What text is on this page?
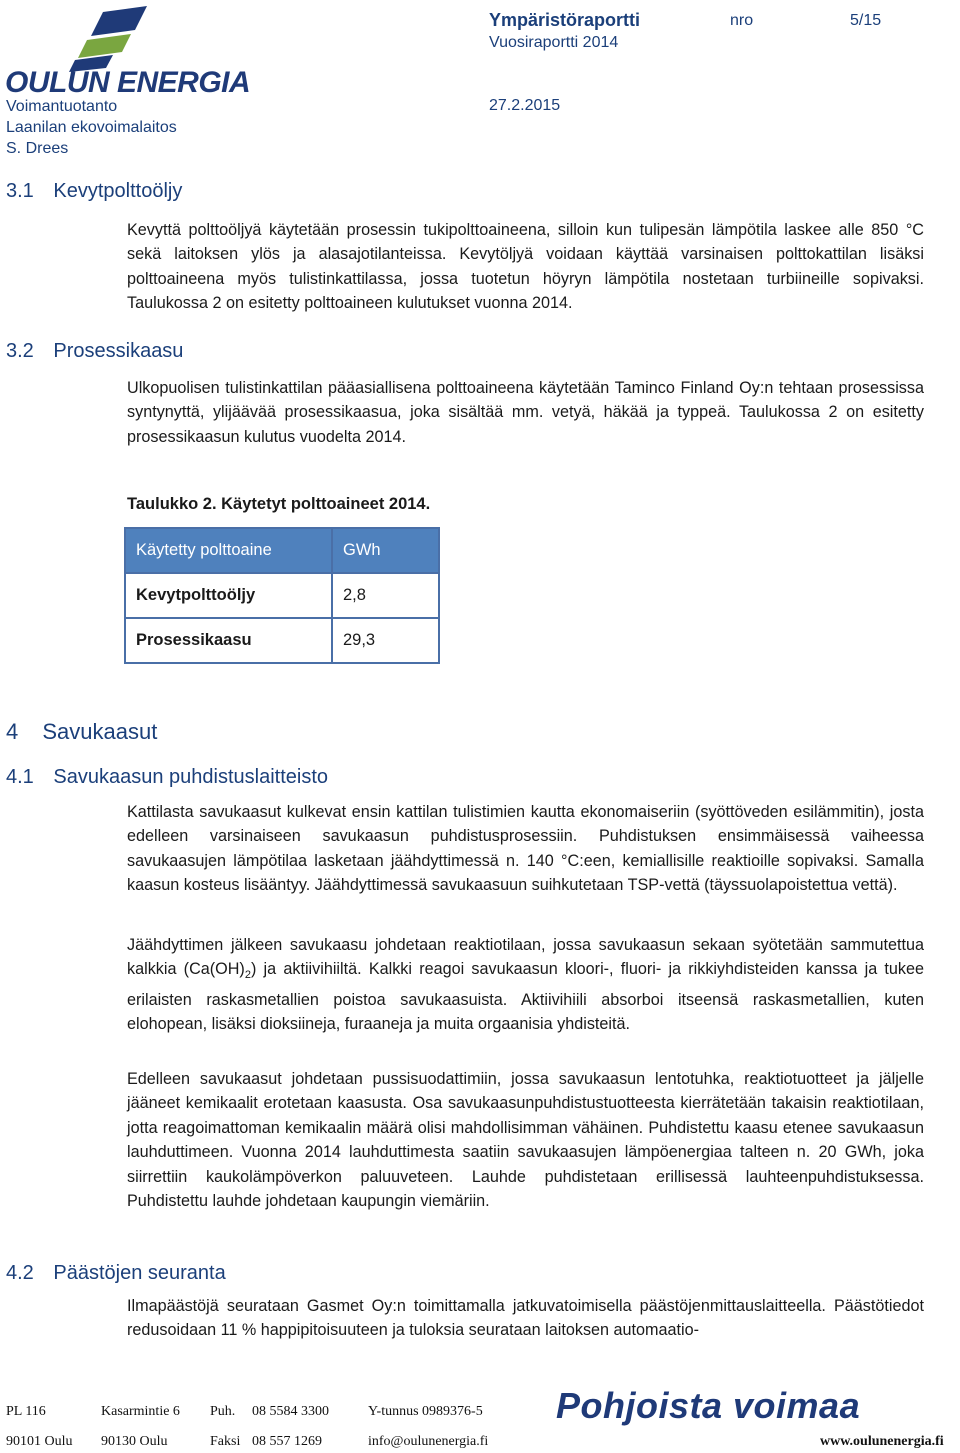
OULUN ENERGIA
Ympäristöraportti
Vuosiraportti 2014
nro	5/15
27.2.2015
Voimantuotanto
Laanilan ekovoimalaitos
S. Drees
3.1 Kevytpolttoöljy

Kevyttä polttoöljyä käytetään prosessin tukipolttoaineena, silloin kun tulipesän lämpötila laskee alle 850 °C sekä laitoksen ylös ja alasajotilanteissa. Kevytöljyä voidaan käyttää varsinaisen polttokattilan lisäksi polttoaineena myös tulistinkattilassa, jossa tuotetun höyryn lämpötila nostetaan turbiineille sopivaksi. Taulukossa 2 on esitetty polttoaineen kulutukset vuonna 2014.

3.2 Prosessikaasu

Ulkopuolisen tulistinkattilan pääasiallisena polttoaineena käytetään Taminco Finland Oy:n tehtaan prosessissa syntynyttä, ylijäävää prosessikaasua, joka sisältää mm. vetyä, häkää ja typpeä. Taulukossa 2 on esitetty prosessikaasun kulutus vuodelta 2014.

Taulukko 2. Käytetyt polttoaineet 2014.
Käytetty polttoaine	GWh
Kevytpolttoöljy	2,8
Prosessikaasu	29,3
4 Savukaasut
4.1 Savukaasun puhdistuslaitteisto

Kattilasta savukaasut kulkevat ensin kattilan tulistimien kautta ekonomaiseriin (syöttöveden esilämmitin), josta edelleen varsinaiseen savukaasun puhdistusprosessiin. Puhdistuksen ensimmäisessä vaiheessa savukaasujen lämpötilaa lasketaan jäähdyttimessä n. 140 °C:een, kemiallisille reaktioille sopivaksi. Samalla kaasun kosteus lisääntyy. Jäähdyttimessä savukaasuun suihkutetaan TSP-vettä (täyssuolapoistettua vettä).

Jäähdyttimen jälkeen savukaasu johdetaan reaktiotilaan, jossa savukaasun sekaan syötetään sammutettua kalkkia $(Ca(OH)_2)$ ja aktiivihiiltä. Kalkki reagoi savukaasun kloori-, fluori- ja rikkiyhdisteiden kanssa ja tukee erilaisten raskasmetallien poistoa savukaasuista. Aktiivihiili absorboi itseensä raskasmetallien, kuten elohopean, lisäksi dioksiineja, furaaneja ja muita orgaanisia yhdisteitä.

Edelleen savukaasut johdetaan pussisuodattimiin, jossa savukaasun lentotuhka, reaktiotuotteet ja jäljelle jääneet kemikaalit erotetaan kaasusta. Osa savukaasunpuhdistustuotteesta kierrätetään takaisin reaktiotilaan, jotta reagoimattoman kemikaalin määrä olisi mahdollisimman vähäinen. Puhdistettu kaasu etenee savukaasun lauhduttimeen. Vuonna 2014 lauhduttimesta saatiin savukaasujen lämpöenergiaa talteen n. 20 GWh, joka siirrettiin kaukolämpöverkon paluuveteen. Lauhde puhdistetaan erillisessä lauhteenpuhdistuksessa. Puhdistettu lauhde johdetaan kaupungin viemäriin.

4.2 Päästöjen seuranta

Ilmapäästöjä seurataan Gasmet Oy:n toimittamalla jatkuvatoimisella päästöjenmittauslaitteella. Päästötiedot redusoidaan 11 % happipitoisuuteen ja tuloksia seurataan laitoksen automaatio-

PL 116	Kasarmintie 6 Puh. 08 5584 3300	Y-tunnus 0989376-5
90101 Oulu 90130 Oulu	Faksi 08 557 1269	info@oulunenergia.fi	www.oulunenergia.fi
Pohjoista voimaa
